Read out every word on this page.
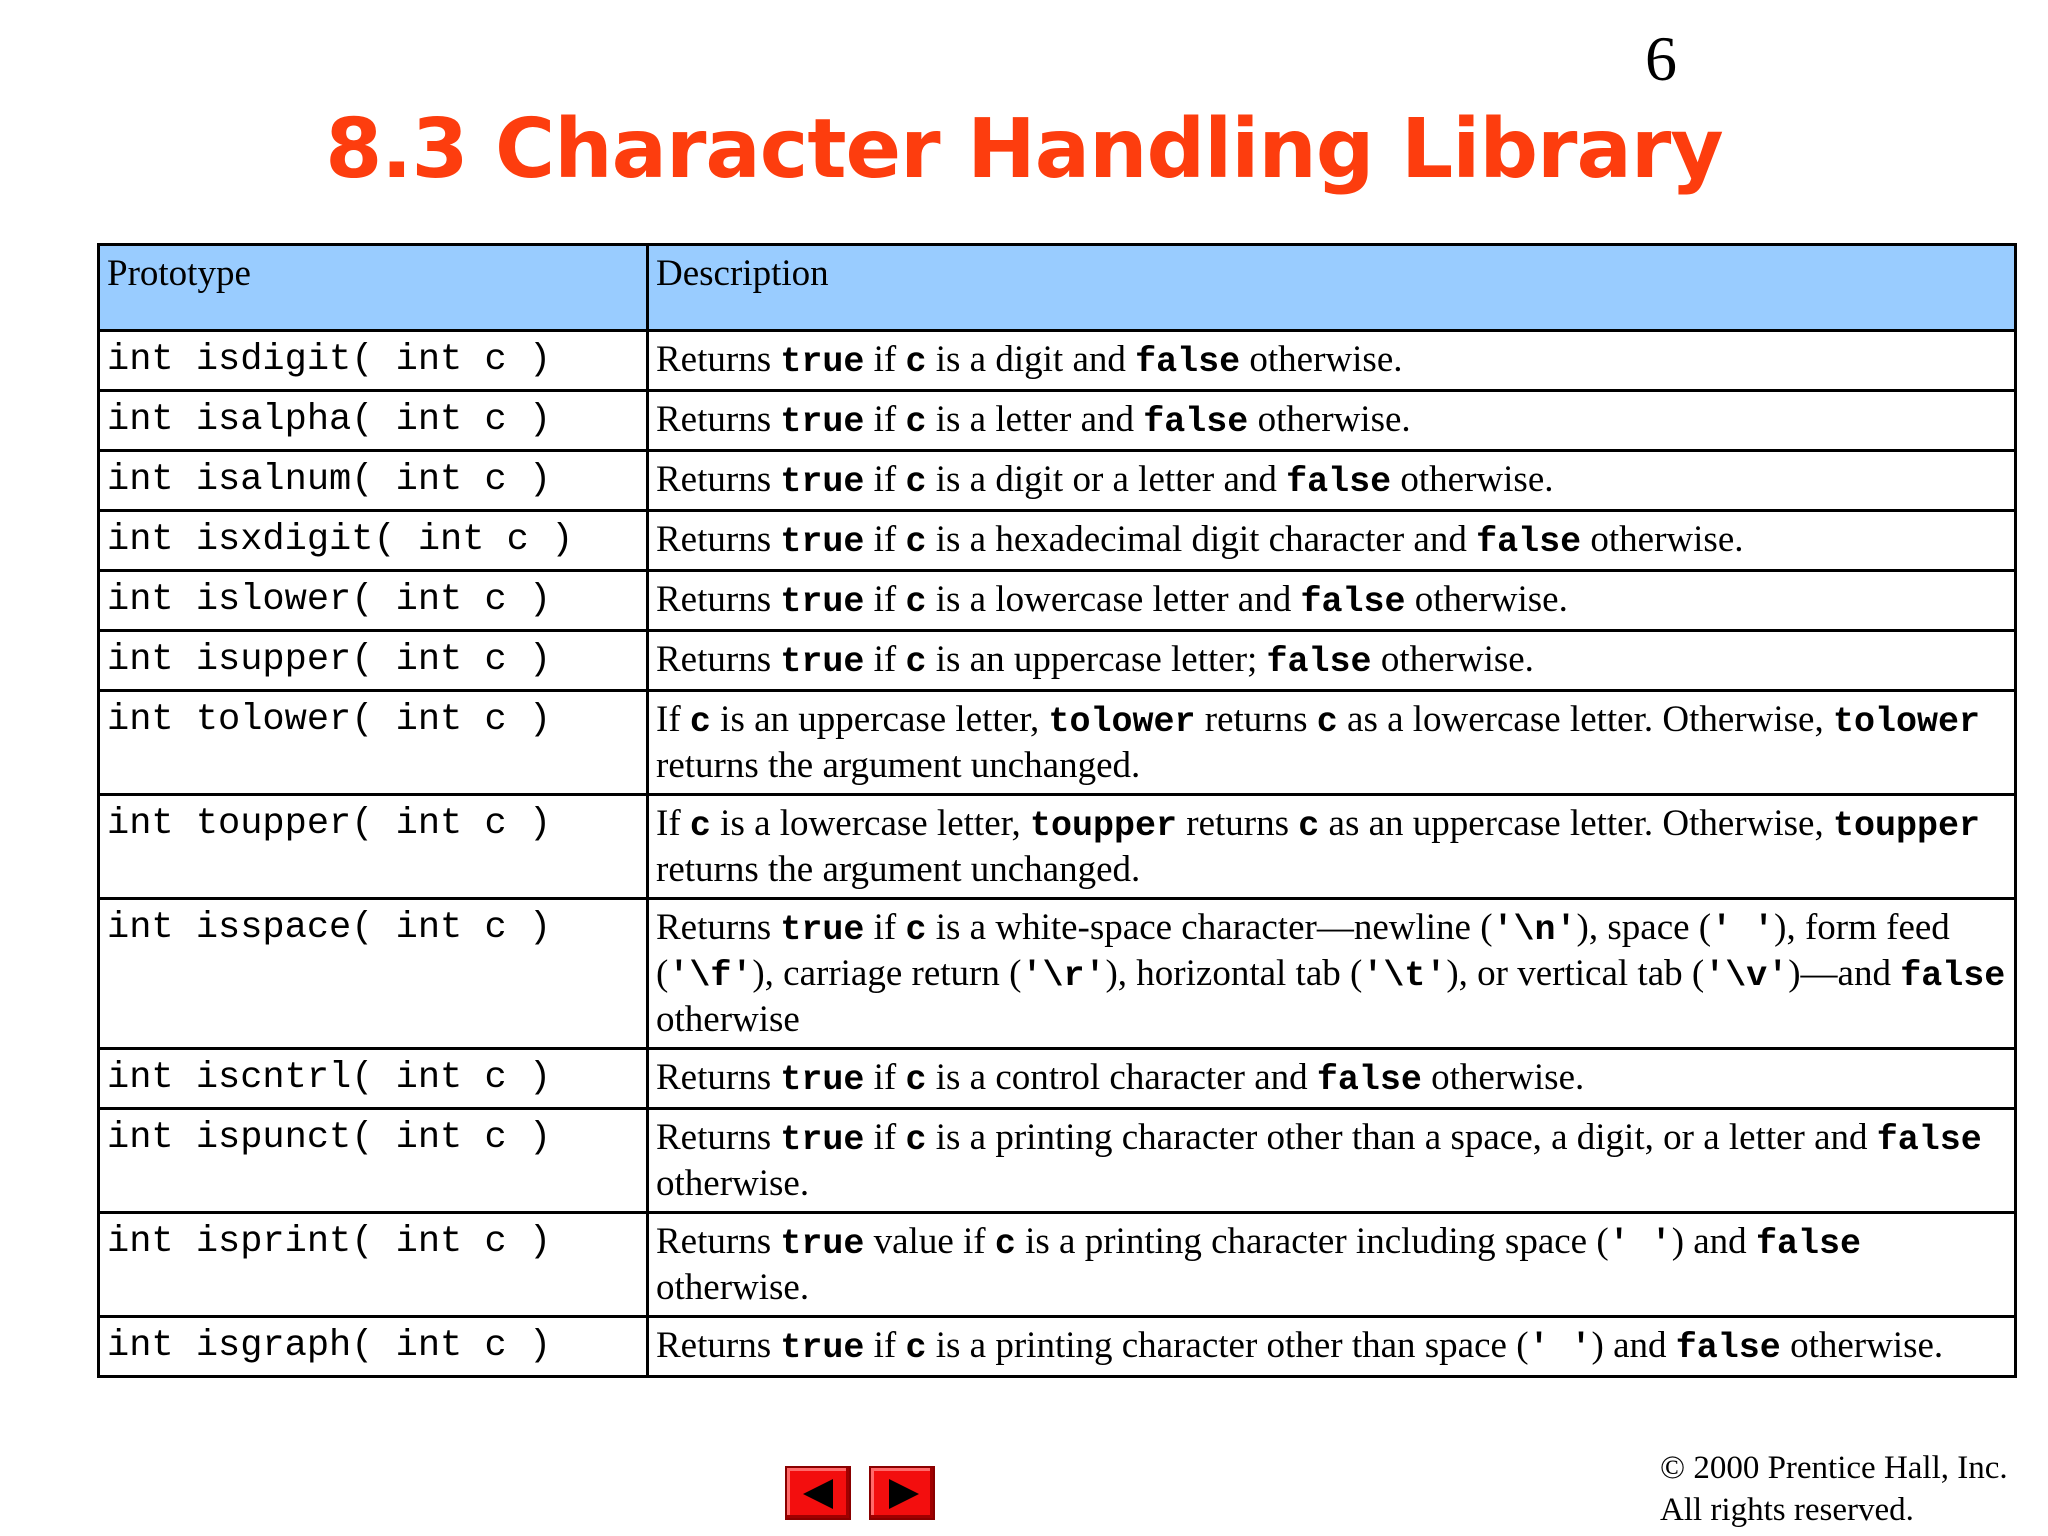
6
8.3 Character Handling Library
Prototype	Description
int isdigit( int c )	Returns true if c is a digit and false otherwise.
int isalpha( int c )	Returns true if c is a letter and false otherwise.
int isalnum( int c )	Returns true if c is a digit or a letter and false otherwise.
int isxdigit( int c )	Returns true if c is a hexadecimal digit character and false otherwise.
int islower( int c )	Returns true if c is a lowercase letter and false otherwise.
int isupper( int c )	Returns true if c is an uppercase letter; false otherwise.
int tolower( int c )	If c is an uppercase letter, tolower returns c as a lowercase letter. Otherwise, tolower returns the argument unchanged.
int toupper( int c )	If c is a lowercase letter, toupper returns c as an uppercase letter. Otherwise, toupper returns the argument unchanged.
int isspace( int c )	Returns true if c is a white-space character—newline ('\n'), space (' '), form feed ('\f'), carriage return ('\r'), horizontal tab ('\t'), or vertical tab ('\v')—and false otherwise
int iscntrl( int c )	Returns true if c is a control character and false otherwise.
int ispunct( int c )	Returns true if c is a printing character other than a space, a digit, or a letter and false otherwise.
int isprint( int c )	Returns true value if c is a printing character including space (' ') and false otherwise.
int isgraph( int c )	Returns true if c is a printing character other than space (' ') and false otherwise.
© 2000 Prentice Hall, Inc.
All rights reserved.
